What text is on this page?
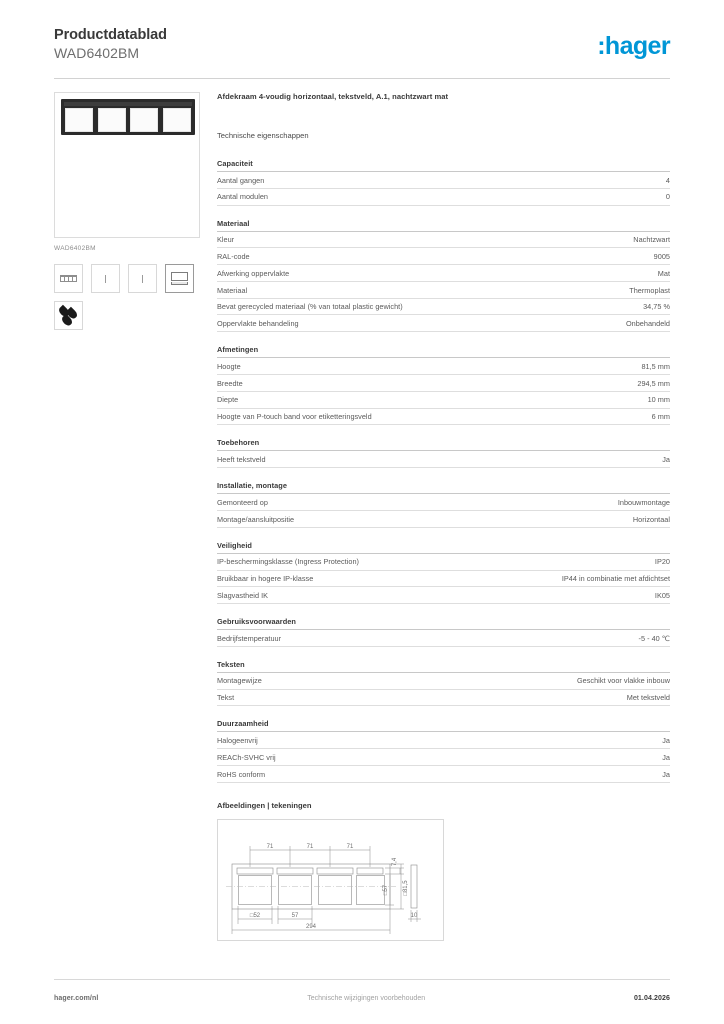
Productdatablad
WAD6402BM	:hager
WAD6402BM
Afdekraam 4-voudig horizontaal, tekstveld, A.1, nachtzwart mat
Technische eigenschappen
Capaciteit
Aantal gangen	4
Aantal modulen	0
Materiaal
Kleur	Nachtzwart
RAL-code	9005
Afwerking oppervlakte	Mat
Materiaal	Thermoplast
Bevat gerecycled materiaal (% van totaal plastic gewicht)	34,75 %
Oppervlakte behandeling	Onbehandeld
Afmetingen
Hoogte	81,5 mm
Breedte	294,5 mm
Diepte	10 mm
Hoogte van P-touch band voor etiketteringsveld	6 mm
Toebehoren
Heeft tekstveld	Ja
Installatie, montage
Gemonteerd op	Inbouwmontage
Montage/aansluitpositie	Horizontaal
Veiligheid
IP-beschermingsklasse (Ingress Protection)	IP20
Bruikbaar in hogere IP-klasse	IP44 in combinatie met afdichtset
Slagvastheid IK	IK05
Gebruiksvoorwaarden
Bedrijfstemperatuur	-5 - 40 ℃
Teksten
Montagewijze	Geschikt voor vlakke inbouw
Tekst	Met tekstveld
Duurzaamheid
Halogeenvrij	Ja
REACh-SVHC vrij	Ja
RoHS conform	Ja
Afbeeldingen | tekeningen
71	71	71
□52	57
294
7,4
□57 □81,5
10
hager.com/nl	Technische wijzigingen voorbehouden	01.04.2026
